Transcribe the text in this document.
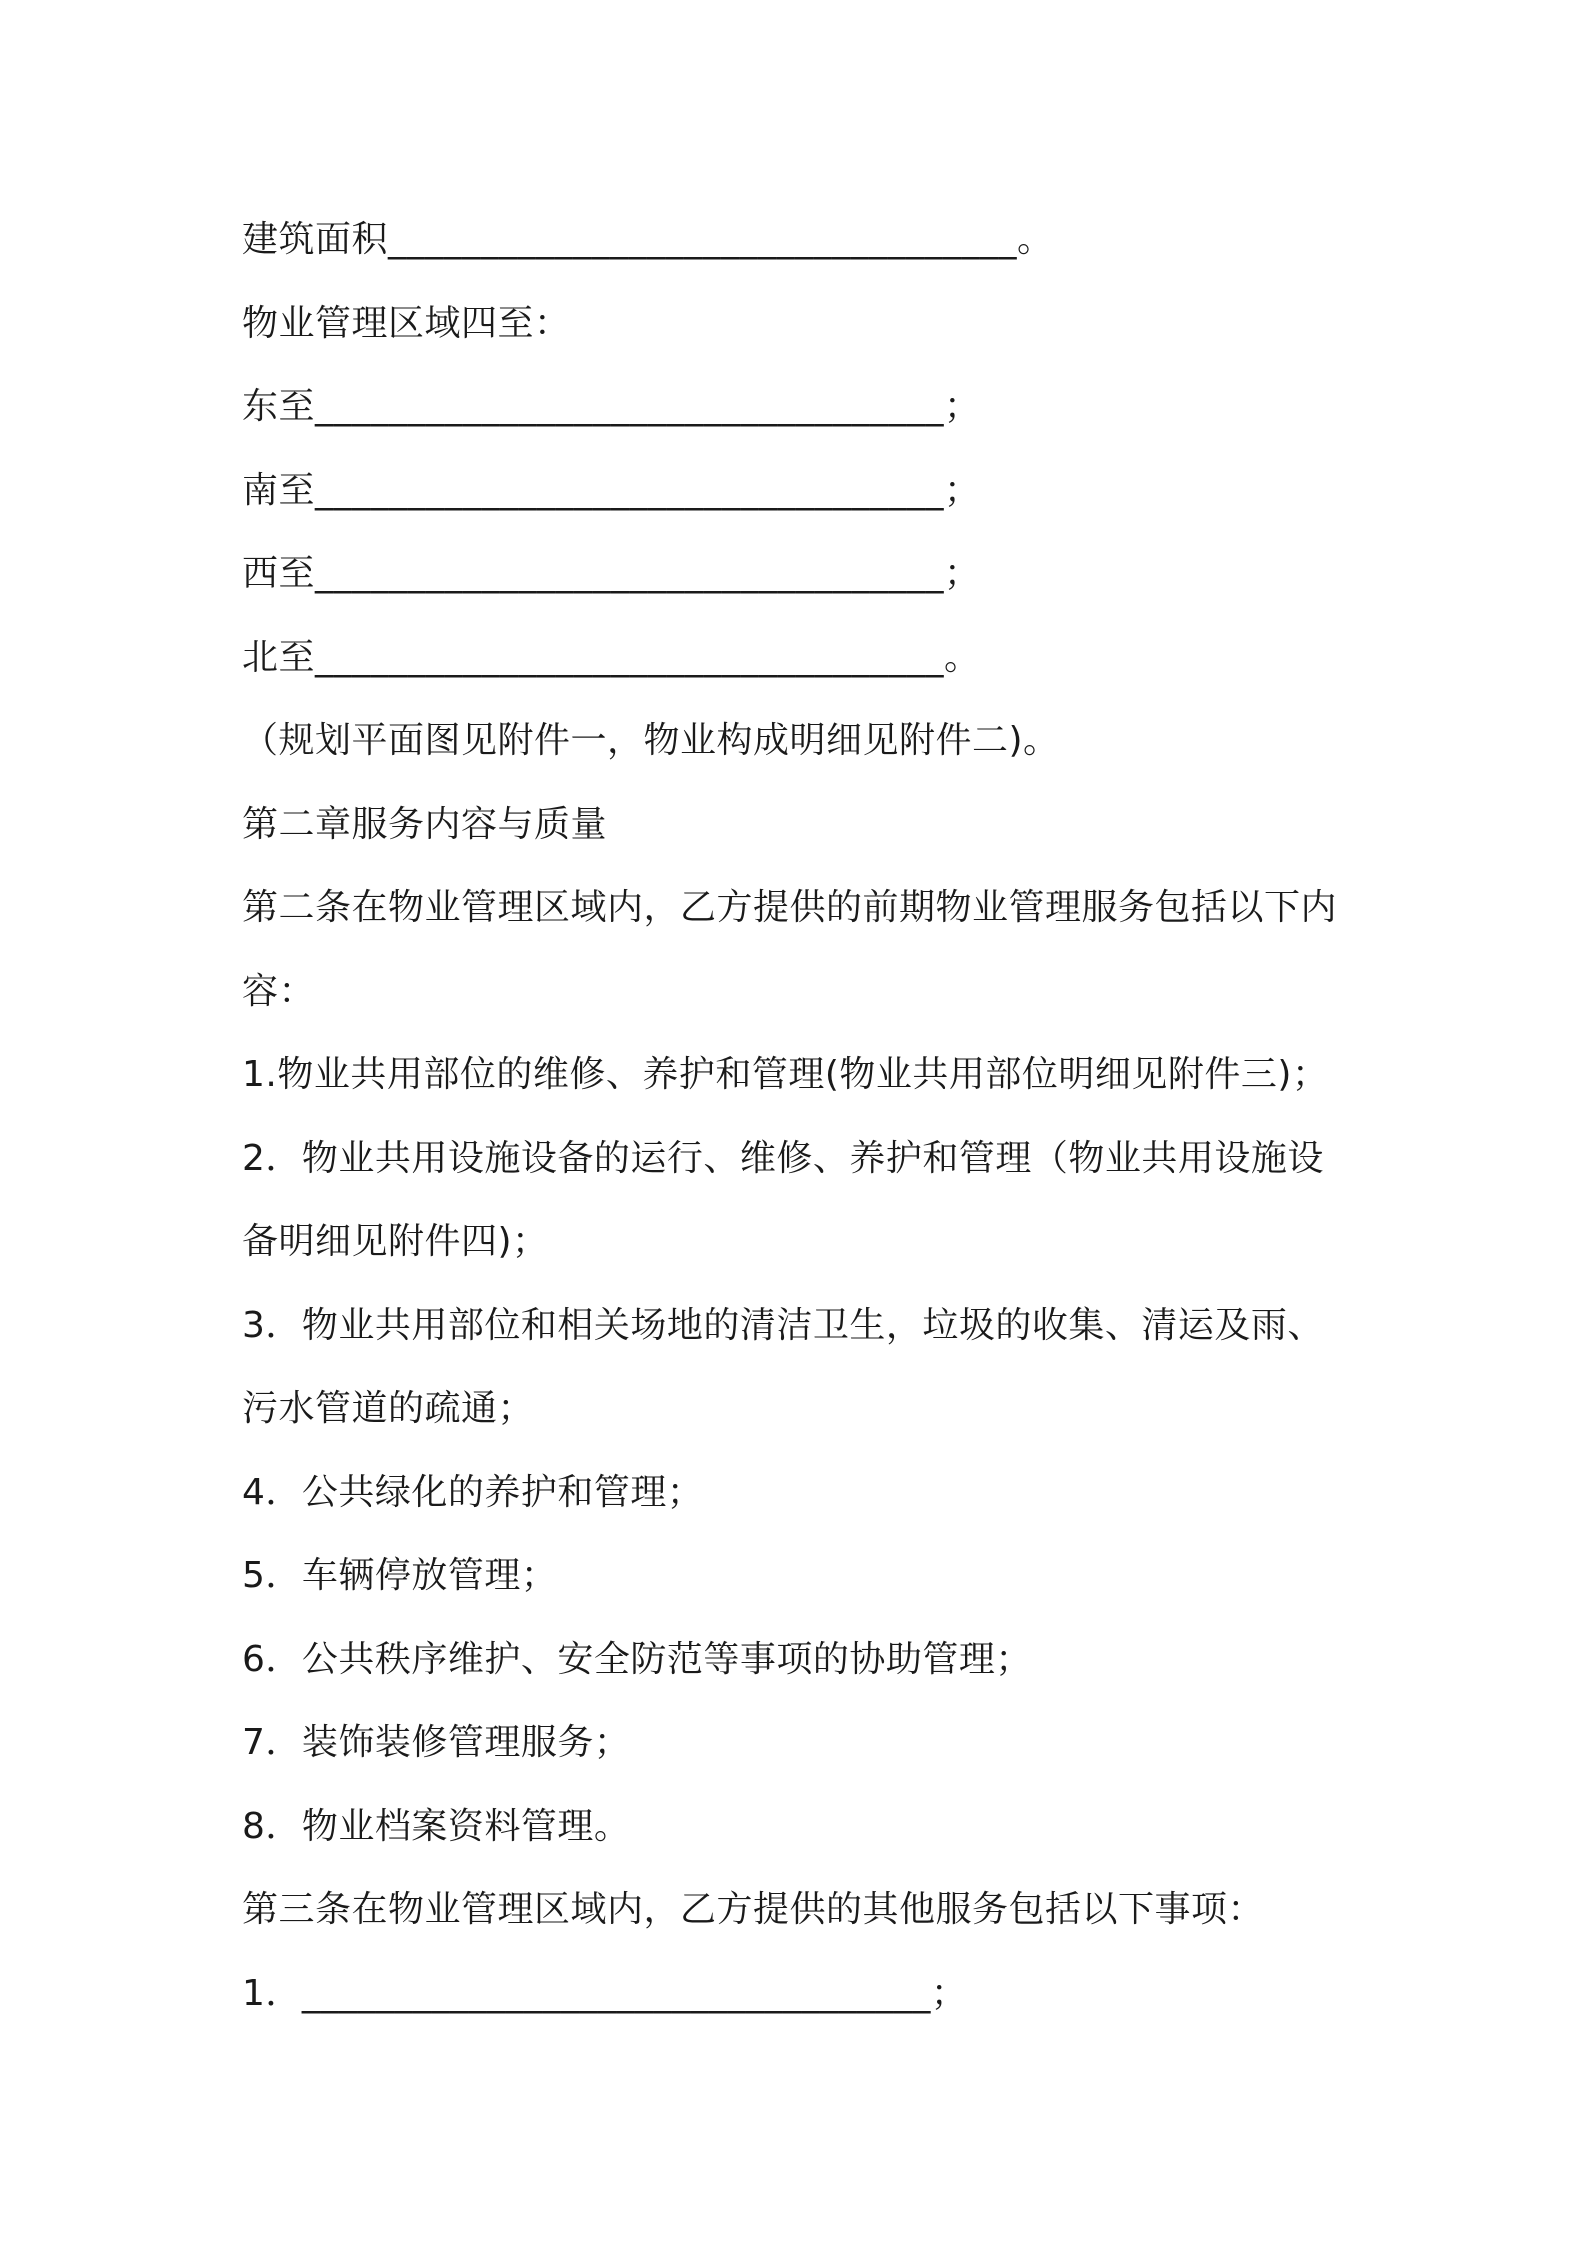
建筑面积__________________________________。
物业管理区域四至：
东至__________________________________；
南至__________________________________；
西至__________________________________；
北至__________________________________。
（规划平面图见附件一，物业构成明细见附件二)。
第二章服务内容与质量
第二条在物业管理区域内，乙方提供的前期物业管理服务包括以下内
容：
1.物业共用部位的维修、养护和管理(物业共用部位明细见附件三)；
2．物业共用设施设备的运行、维修、养护和管理（物业共用设施设
备明细见附件四)；
3．物业共用部位和相关场地的清洁卫生，垃圾的收集、清运及雨、
污水管道的疏通；
4．公共绿化的养护和管理；
5．车辆停放管理；
6．公共秩序维护、安全防范等事项的协助管理；
7．装饰装修管理服务；
8．物业档案资料管理。
第三条在物业管理区域内，乙方提供的其他服务包括以下事项：
1．__________________________________；
